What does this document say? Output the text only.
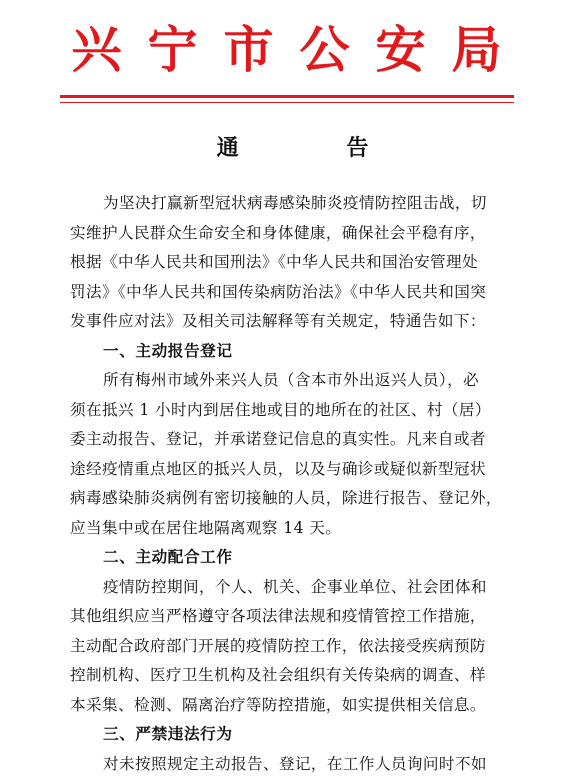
兴宁市公安局
通 告
为坚决打赢新型冠状病毒感染肺炎疫情防控阻击战，切
实维护人民群众生命安全和身体健康，确保社会平稳有序，
根据《中华人民共和国刑法》《中华人民共和国治安管理处
罚法》《中华人民共和国传染病防治法》《中华人民共和国突
发事件应对法》及相关司法解释等有关规定，特通告如下：
一、主动报告登记
所有梅州市域外来兴人员（含本市外出返兴人员），必
须在抵兴 1 小时内到居住地或目的地所在的社区、村（居）
委主动报告、登记，并承诺登记信息的真实性。凡来自或者
途经疫情重点地区的抵兴人员，以及与确诊或疑似新型冠状
病毒感染肺炎病例有密切接触的人员，除进行报告、登记外，
应当集中或在居住地隔离观察 14 天。
二、主动配合工作
疫情防控期间，个人、机关、企事业单位、社会团体和
其他组织应当严格遵守各项法律法规和疫情管控工作措施，
主动配合政府部门开展的疫情防控工作，依法接受疾病预防
控制机构、医疗卫生机构及社会组织有关传染病的调查、样
本采集、检测、隔离治疗等防控措施，如实提供相关信息。
三、严禁违法行为
对未按照规定主动报告、登记，在工作人员询问时不如
